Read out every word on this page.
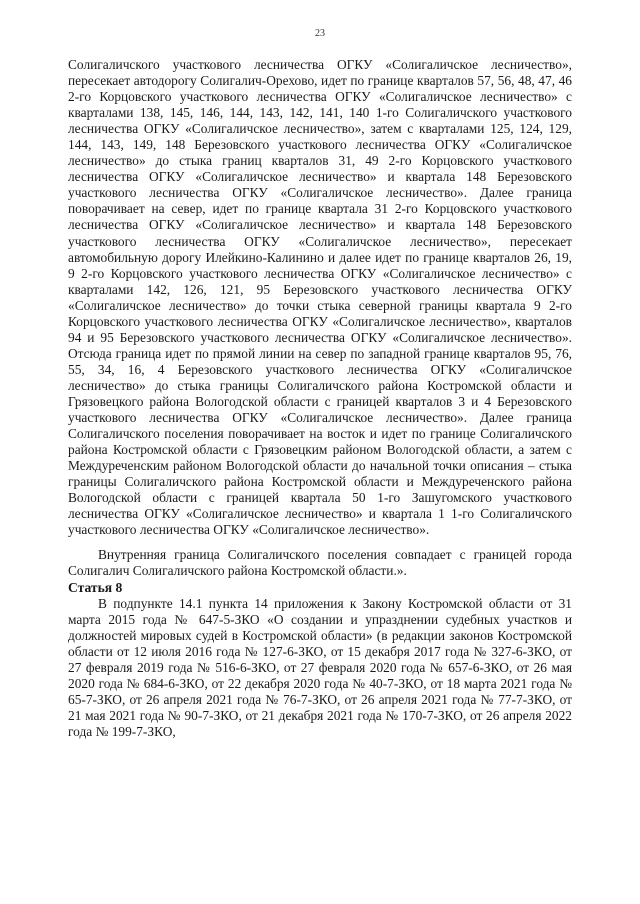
23

Солигаличского участкового лесничества ОГКУ «Солигаличское лесничество», пересекает автодорогу Солигалич-Орехово, идет по границе кварталов 57, 56, 48, 47, 46 2-го Корцовского участкового лесничества ОГКУ «Солигаличское лесничество» с кварталами 138, 145, 146, 144, 143, 142, 141, 140 1-го Солигаличского участкового лесничества ОГКУ «Солигаличское лесничество», затем с кварталами 125, 124, 129, 144, 143, 149, 148 Березовского участкового лесничества ОГКУ «Солигаличское лесничество» до стыка границ кварталов 31, 49 2-го Корцовского участкового лесничества ОГКУ «Солигаличское лесничество» и квартала 148 Березовского участкового лесничества ОГКУ «Солигаличское лесничество». Далее граница поворачивает на север, идет по границе квартала 31 2-го Корцовского участкового лесничества ОГКУ «Солигаличское лесничество» и квартала 148 Березовского участкового лесничества ОГКУ «Солигаличское лесничество», пересекает автомобильную дорогу Илейкино-Калинино и далее идет по границе кварталов 26, 19, 9 2-го Корцовского участкового лесничества ОГКУ «Солигаличское лесничество» с кварталами 142, 126, 121, 95 Березовского участкового лесничества ОГКУ «Солигаличское лесничество» до точки стыка северной границы квартала 9 2-го Корцовского участкового лесничества ОГКУ «Солигаличское лесничество», кварталов 94 и 95 Березовского участкового лесничества ОГКУ «Солигаличское лесничество». Отсюда граница идет по прямой линии на север по западной границе кварталов 95, 76, 55, 34, 16, 4 Березовского участкового лесничества ОГКУ «Солигаличское лесничество» до стыка границы Солигаличского района Костромской области и Грязовецкого района Вологодской области с границей кварталов 3 и 4 Березовского участкового лесничества ОГКУ «Солигаличское лесничество». Далее граница Солигаличского поселения поворачивает на восток и идет по границе Солигаличского района Костромской области с Грязовецким районом Вологодской области, а затем с Междуреченским районом Вологодской области до начальной точки описания – стыка границы Солигаличского района Костромской области и Междуреченского района Вологодской области с границей квартала 50 1-го Зашугомского участкового лесничества ОГКУ «Солигаличское лесничество» и квартала 1 1-го Солигаличского участкового лесничества ОГКУ «Солигаличское лесничество».

Внутренняя граница Солигаличского поселения совпадает с границей города Солигалич Солигаличского района Костромской области.».

Статья 8

В подпункте 14.1 пункта 14 приложения к Закону Костромской области от 31 марта 2015 года № 647-5-ЗКО «О создании и упразднении судебных участков и должностей мировых судей в Костромской области» (в редакции законов Костромской области от 12 июля 2016 года № 127-6-ЗКО, от 15 декабря 2017 года № 327-6-ЗКО, от 27 февраля 2019 года № 516-6-ЗКО, от 27 февраля 2020 года № 657-6-ЗКО, от 26 мая 2020 года № 684-6-ЗКО, от 22 декабря 2020 года № 40-7-ЗКО, от 18 марта 2021 года № 65-7-ЗКО, от 26 апреля 2021 года № 76-7-ЗКО, от 26 апреля 2021 года № 77-7-ЗКО, от 21 мая 2021 года № 90-7-ЗКО, от 21 декабря 2021 года № 170-7-ЗКО, от 26 апреля 2022 года № 199-7-ЗКО,
